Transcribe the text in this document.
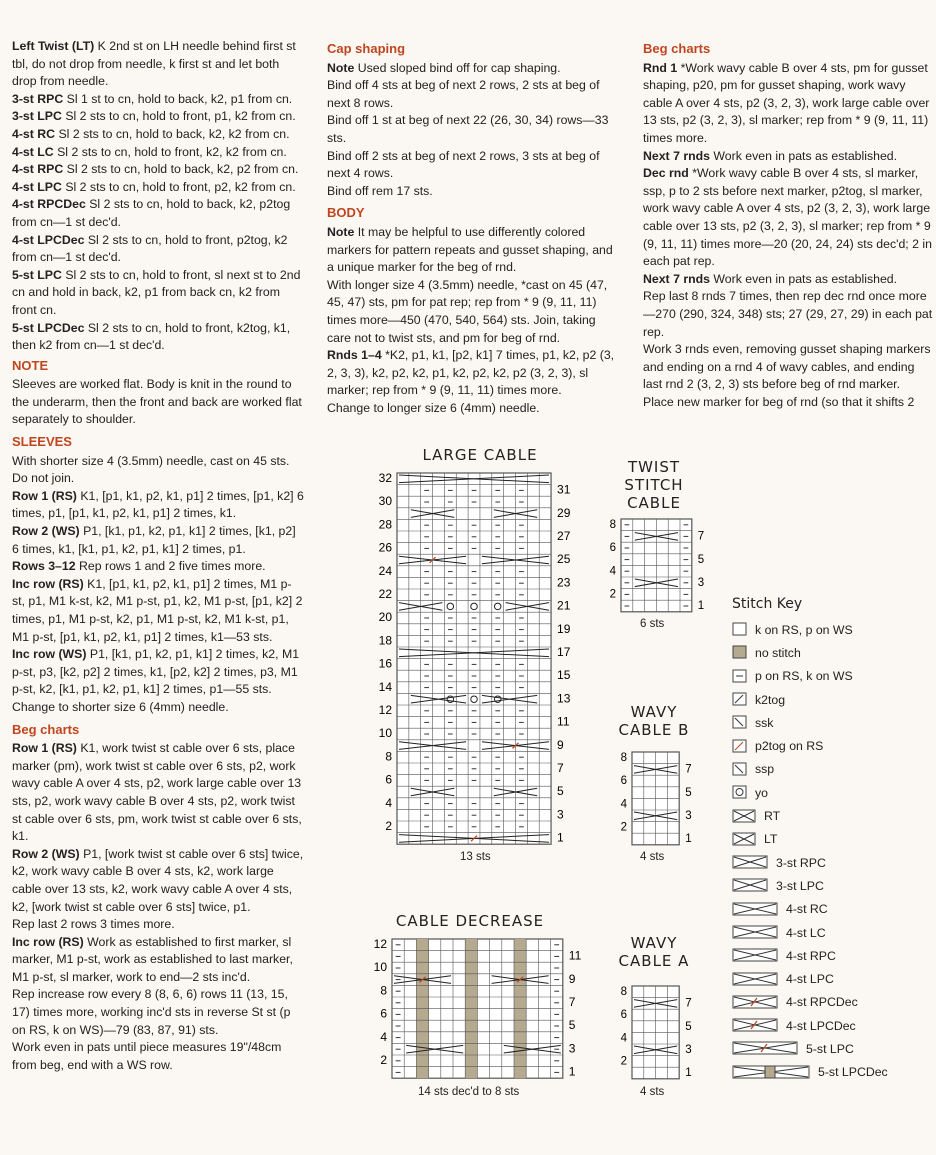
Left Twist (LT) K 2nd st on LH needle behind first st tbl, do not drop from needle, k first st and let both drop from needle.

3-st RPC Sl 1 st to cn, hold to back, k2, p1 from cn.

3-st LPC Sl 2 sts to cn, hold to front, p1, k2 from cn.

4-st RC Sl 2 sts to cn, hold to back, k2, k2 from cn.

4-st LC Sl 2 sts to cn, hold to front, k2, k2 from cn.

4-st RPC Sl 2 sts to cn, hold to back, k2, p2 from cn.

4-st LPC Sl 2 sts to cn, hold to front, p2, k2 from cn.

4-st RPCDec Sl 2 sts to cn, hold to back, k2, p2tog from cn—1 st dec'd.

4-st LPCDec Sl 2 sts to cn, hold to front, p2tog, k2 from cn—1 st dec'd.

5-st LPC Sl 2 sts to cn, hold to front, sl next st to 2nd cn and hold in back, k2, p1 from back cn, k2 from front cn.

5-st LPCDec Sl 2 sts to cn, hold to front, k2tog, k1, then k2 from cn—1 st dec'd.

NOTE

Sleeves are worked flat. Body is knit in the round to the underarm, then the front and back are worked flat separately to shoulder.

SLEEVES

With shorter size 4 (3.5mm) needle, cast on 45 sts. Do not join.

Row 1 (RS) K1, [p1, k1, p2, k1, p1] 2 times, [p1, k2] 6 times, p1, [p1, k1, p2, k1, p1] 2 times, k1.

Row 2 (WS) P1, [k1, p1, k2, p1, k1] 2 times, [k1, p2] 6 times, k1, [k1, p1, k2, p1, k1] 2 times, p1.

Rows 3–12 Rep rows 1 and 2 five times more.

Inc row (RS) K1, [p1, k1, p2, k1, p1] 2 times, M1 p-st, p1, M1 k-st, k2, M1 p-st, p1, k2, M1 p-st, [p1, k2] 2 times, p1, M1 p-st, k2, p1, M1 p-st, k2, M1 k-st, p1, M1 p-st, [p1, k1, p2, k1, p1] 2 times, k1—53 sts.

Inc row (WS) P1, [k1, p1, k2, p1, k1] 2 times, k2, M1 p-st, p3, [k2, p2] 2 times, k1, [p2, k2] 2 times, p3, M1 p-st, k2, [k1, p1, k2, p1, k1] 2 times, p1—55 sts.

Change to shorter size 6 (4mm) needle.

Beg charts

Row 1 (RS) K1, work twist st cable over 6 sts, place marker (pm), work twist st cable over 6 sts, p2, work wavy cable A over 4 sts, p2, work large cable over 13 sts, p2, work wavy cable B over 4 sts, p2, work twist st cable over 6 sts, pm, work twist st cable over 6 sts, k1.

Row 2 (WS) P1, [work twist st cable over 6 sts] twice, k2, work wavy cable B over 4 sts, k2, work large cable over 13 sts, k2, work wavy cable A over 4 sts, k2, [work twist st cable over 6 sts] twice, p1.

Rep last 2 rows 3 times more.

Inc row (RS) Work as established to first marker, sl marker, M1 p-st, work as established to last marker, M1 p-st, sl marker, work to end—2 sts inc'd.

Rep increase row every 8 (8, 6, 6) rows 11 (13, 15, 17) times more, working inc'd sts in reverse St st (p on RS, k on WS)—79 (83, 87, 91) sts.

Work even in pats until piece measures 19"/48cm from beg, end with a WS row.

Cap shaping

Note Used sloped bind off for cap shaping.

Bind off 4 sts at beg of next 2 rows, 2 sts at beg of next 8 rows.

Bind off 1 st at beg of next 22 (26, 30, 34) rows—33 sts.

Bind off 2 sts at beg of next 2 rows, 3 sts at beg of next 4 rows.

Bind off rem 17 sts.

BODY

Note It may be helpful to use differently colored markers for pattern repeats and gusset shaping, and a unique marker for the beg of rnd.

With longer size 4 (3.5mm) needle, *cast on 45 (47, 45, 47) sts, pm for pat rep; rep from * 9 (9, 11, 11) times more—450 (470, 540, 564) sts. Join, taking care not to twist sts, and pm for beg of rnd.

Rnds 1–4 *K2, p1, k1, [p2, k1] 7 times, p1, k2, p2 (3, 2, 3, 3), k2, p2, k2, p1, k2, p2, k2, p2 (3, 2, 3), sl marker; rep from * 9 (9, 11, 11) times more.

Change to longer size 6 (4mm) needle.

Beg charts

Rnd 1 *Work wavy cable B over 4 sts, pm for gusset shaping, p20, pm for gusset shaping, work wavy cable A over 4 sts, p2 (3, 2, 3), work large cable over 13 sts, p2 (3, 2, 3), sl marker; rep from * 9 (9, 11, 11) times more.

Next 7 rnds Work even in pats as established.

Dec rnd *Work wavy cable B over 4 sts, sl marker, ssp, p to 2 sts before next marker, p2tog, sl marker, work wavy cable A over 4 sts, p2 (3, 2, 3), work large cable over 13 sts, p2 (3, 2, 3), sl marker; rep from * 9 (9, 11, 11) times more—20 (20, 24, 24) sts dec'd; 2 in each pat rep.

Next 7 rnds Work even in pats as established.

Rep last 8 rnds 7 times, then rep dec rnd once more—270 (290, 324, 348) sts; 27 (29, 27, 29) in each pat rep.

Work 3 rnds even, removing gusset shaping markers and ending on a rnd 4 of wavy cables, and ending last rnd 2 (3, 2, 3) sts before beg of rnd marker. Place new marker for beg of rnd (so that it shifts 2

LARGE CABLE
TWIST
STITCH
CABLE
WAVY
CABLE B
CABLE DECREASE
WAVY
CABLE A
32
30
28
26
24
22
20
18
16
14
12
10
8
6
4
2
31
29
27
25
23
21
19
17
15
13
11
9
7
5
3
1
8
6
4
2
7
5
3
1
8
6
4
2
7
5
3
1
12
10
8
6
4
2
11
9
7
5
3
1
8
6
4
2
7
5
3
1
13 sts
6 sts
4 sts
14 sts dec'd to 8 sts	4 sts
Stitch Key
k on RS, p on WS
no stitch
p on RS, k on WS
k2tog
ssk
p2tog on RS
ssp
yo
RT
LT
3-st RPC
3-st LPC
4-st RC
4-st LC
4-st RPC
4-st LPC
4-st RPCDec
4-st LPCDec
5-st LPC
5-st LPCDec
